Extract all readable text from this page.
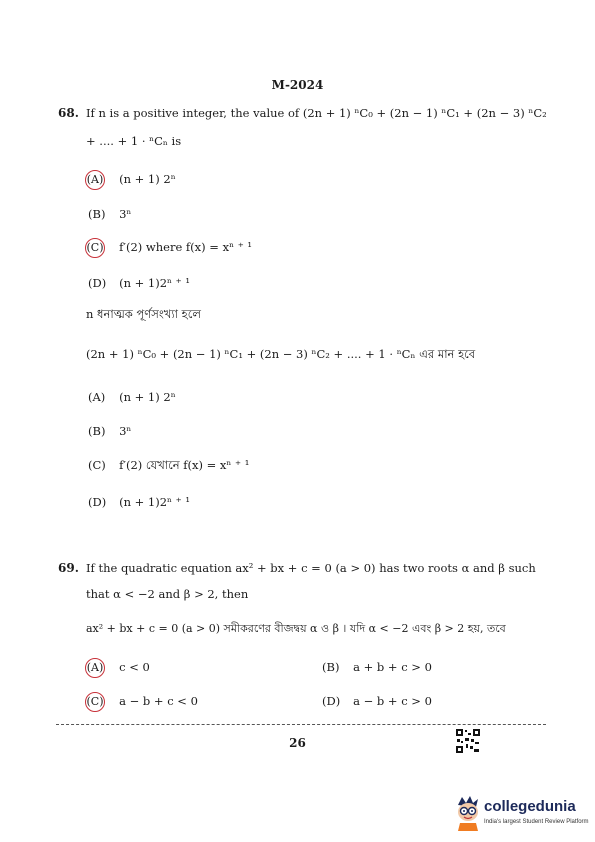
M-2024
68. If n is a positive integer, the value of (2n + 1) ⁿC₀ + (2n − 1) ⁿC₁ + (2n − 3) ⁿC₂
+ .... + 1 · ⁿCₙ is
(A) (n + 1) 2ⁿ
(B) 3ⁿ
(C) f′(2) where f(x) = xⁿ ⁺ ¹
(D) (n + 1)2ⁿ ⁺ ¹
n ধনাত্মক পূর্ণসংখ্যা হলে
(2n + 1) ⁿC₀ + (2n − 1) ⁿC₁ + (2n − 3) ⁿC₂ + .... + 1 · ⁿCₙ এর মান হবে
(A) (n + 1) 2ⁿ
(B) 3ⁿ
(C) f′(2) যেখানে f(x) = xⁿ ⁺ ¹
(D) (n + 1)2ⁿ ⁺ ¹
69. If the quadratic equation ax² + bx + c = 0 (a > 0) has two roots α and β such
that α < −2 and β > 2, then
ax² + bx + c = 0 (a > 0) সমীকরণের বীজদ্বয় α ও β । যদি α < −2 এবং β > 2 হয়, তবে
(A) c < 0	(B) a + b + c > 0
(C) a − b + c < 0	(D) a − b + c > 0
26
collegedunia
India's largest Student Review Platform
